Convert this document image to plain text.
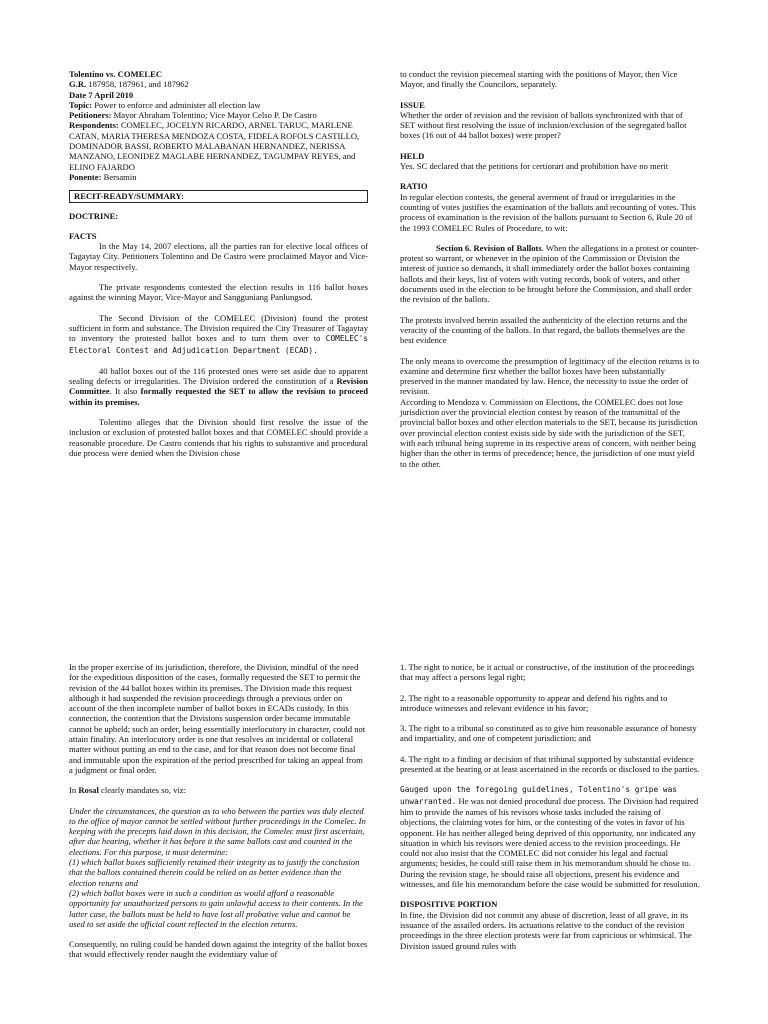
Tolentino vs. COMELEC

G.R. 187958, 187961, and 187962

Date 7 April 2010

Topic: Power to enforce and administer all election law

Petitioners: Mayor Abraham Tolentino; Vice Mayor Celso P. De Castro

Respondents: COMELEC, JOCELYN RICARDO, ARNEL TARUC, MARLENE CATAN, MARIA THERESA MENDOZA COSTA, FIDELA ROFOLS CASTILLO, DOMINADOR BASSI, ROBERTO MALABANAN HERNANDEZ, NERISSA MANZANO, LEONIDEZ MAGLABE HERNANDEZ, TAGUMPAY REYES, and ELINO FAJARDO

Ponente: Bersamin

RECIT-READY/SUMMARY:

DOCTRINE:

FACTS

In the May 14, 2007 elections, all the parties ran for elective local offices of Tagaytay City. Petitioners Tolentino and De Castro were proclaimed Mayor and Vice-Mayor respectively.

The private respondents contested the election results in 116 ballot boxes against the winning Mayor, Vice-Mayor and Sangguniang Panlungsod.

The Second Division of the COMELEC (Division) found the protest sufficient in form and substance. The Division required the City Treasurer of Tagaytay to inventory the protested ballot boxes and to turn them over to COMELEC's Electoral Contest and Adjudication Department (ECAD).

40 ballot boxes out of the 116 protested ones were set aside due to apparent sealing defects or irregularities. The Division ordered the constitution of a Revision Committee. It also formally requested the SET to allow the revision to proceed within its premises.

Tolentino alleges that the Division should first resolve the issue of the inclusion or exclusion of protested ballot boxes and that COMELEC should provide a reasonable procedure. De Castro contends that his rights to substantive and procedural due process were denied when the Division chose

to conduct the revision piecemeal starting with the positions of Mayor, then Vice Mayor, and finally the Councilors, separately.

ISSUE

Whether the order of revision and the revision of ballots synchronized with that of SET without first resolving the issue of inclusion/exclusion of the segregated ballot boxes (16 out of 44 ballot boxes) were proper?

HELD

Yes. SC declared that the petitions for certiorari and prohibition have no merit

RATIO

In regular election contests, the general averment of fraud or irregularities in the counting of votes justifies the examination of the ballots and recounting of votes. This process of examination is the revision of the ballots pursuant to Section 6, Rule 20 of the 1993 COMELEC Rules of Procedure, to wit:

Section 6. Revision of Ballots. When the allegations in a protest or counter-protest so warrant, or whenever in the opinion of the Commission or Division the interest of justice so demands, it shall immediately order the ballot boxes containing ballots and their keys, list of voters with voting records, book of voters, and other documents used in the election to be brought before the Commission, and shall order the revision of the ballots.

The protests involved herein assailed the authenticity of the election returns and the veracity of the counting of the ballots. In that regard, the ballots themselves are the best evidence

The only means to overcome the presumption of legitimacy of the election returns is to examine and determine first whether the ballot boxes have been substantially preserved in the manner mandated by law. Hence, the necessity to issue the order of revision.

According to Mendoza v. Commission on Elections, the COMELEC does not lose jurisdiction over the provincial election contest by reason of the transmittal of the provincial ballot boxes and other election materials to the SET, because its jurisdiction over provincial election contest exists side by side with the jurisdiction of the SET, with each tribunal being supreme in its respective areas of concern, with neither being higher than the other in terms of precedence; hence, the jurisdiction of one must yield to the other.

In the proper exercise of its jurisdiction, therefore, the Division, mindful of the need for the expeditious disposition of the cases, formally requested the SET to permit the revision of the 44 ballot boxes within its premises. The Division made this request although it had suspended the revision proceedings through a previous order on account of the then incomplete number of ballot boxes in ECADs custody. In this connection, the contention that the Divisions suspension order became immutable cannot be upheld; such an order, being essentially interlocutory in character, could not attain finality. An interlocutory order is one that resolves an incidental or collateral matter without putting an end to the case, and for that reason does not become final and immutable upon the expiration of the period prescribed for taking an appeal from a judgment or final order.

In Rosal clearly mandates so, viz:

Under the circumstances, the question as to who between the parties was duly elected to the office of mayor cannot be settled without further proceedings in the Comelec. In keeping with the precepts laid down in this decision, the Comelec must first ascertain, after due hearing, whether it has before it the same ballots cast and counted in the elections. For this purpose, it must determine:

(1) which ballot boxes sufficiently retained their integrity as to justify the conclusion that the ballots contained therein could be relied on as better evidence than the election returns and

(2) which ballot boxes were in such a condition as would afford a reasonable opportunity for unauthorized persons to gain unlawful access to their contents. In the latter case, the ballots must be held to have lost all probative value and cannot be used to set aside the official count reflected in the election returns.

Consequently, no ruling could be handed down against the integrity of the ballot boxes that would effectively render naught the evidentiary value of

1. The right to notice, be it actual or constructive, of the institution of the proceedings that may affect a persons legal right;

2. The right to a reasonable opportunity to appear and defend his rights and to introduce witnesses and relevant evidence in his favor;

3. The right to a tribunal so constituted as to give him reasonable assurance of honesty and impartiality, and one of competent jurisdiction; and

4. The right to a finding or decision of that tribunal supported by substantial evidence presented at the hearing or at least ascertained in the records or disclosed to the parties.

Gauged upon the foregoing guidelines, Tolentino's gripe was unwarranted. He was not denied procedural due process. The Division had required him to provide the names of his revisors whose tasks included the raising of objections, the claiming votes for him, or the contesting of the votes in favor of his opponent. He has neither alleged being deprived of this opportunity, nor indicated any situation in which his revisors were denied access to the revision proceedings. He could not also insist that the COMELEC did not consider his legal and factual arguments; besides, he could still raise them in his memorandum should he chose to. During the revision stage, he should raise all objections, present his evidence and witnesses, and file his memorandum before the case would be submitted for resolution.

DISPOSITIVE PORTION

In fine, the Division did not commit any abuse of discretion, least of all grave, in its issuance of the assailed orders. Its actuations relative to the conduct of the revision proceedings in the three election protests were far from capricious or whimsical. The Division issued ground rules with
